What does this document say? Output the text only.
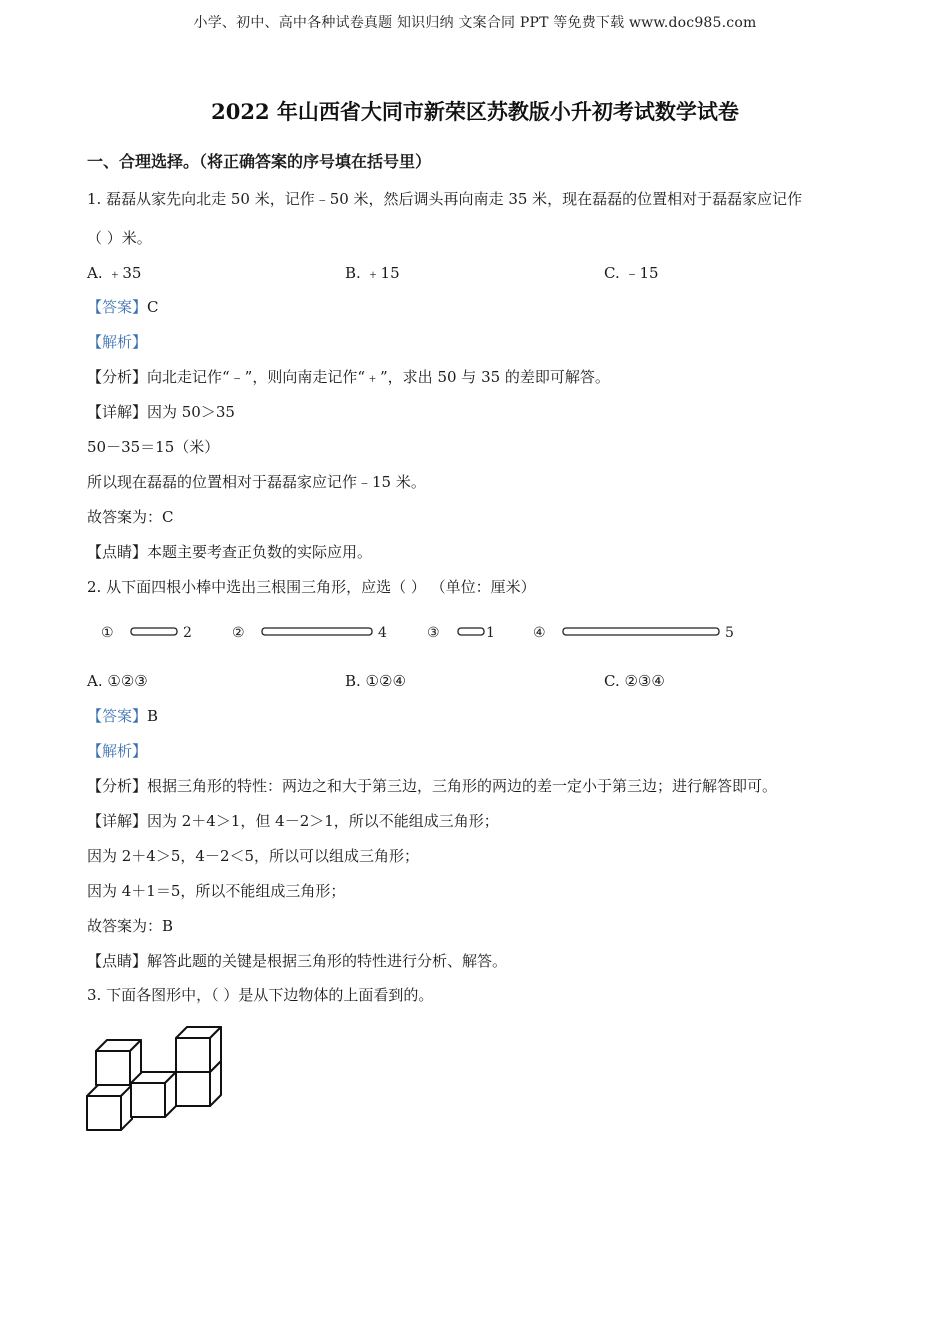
小学、初中、高中各种试卷真题 知识归纳 文案合同 PPT 等免费下载 www.doc985.com
2022 年山西省大同市新荣区苏教版小升初考试数学试卷
一、合理选择。（将正确答案的序号填在括号里）
1. 磊磊从家先向北走 50 米，记作﹣50 米，然后调头再向南走 35 米，现在磊磊的位置相对于磊磊家应记作
（ ）米。
A. ﹢35	B. ﹢15	C. ﹣15
【答案】C
【解析】
【分析】向北走记作“﹣”，则向南走记作“﹢”，求出 50 与 35 的差即可解答。
【详解】因为 50＞35
50－35＝15（米）
所以现在磊磊的位置相对于磊磊家应记作﹣15 米。
故答案为：C
【点睛】本题主要考查正负数的实际应用。
2. 从下面四根小棒中选出三根围三角形，应选（ ） （单位：厘米）
①	2	②	4	③	1	④	5
A. ①②③	B. ①②④	C. ②③④
【答案】B
【解析】
【分析】根据三角形的特性：两边之和大于第三边，三角形的两边的差一定小于第三边；进行解答即可。
【详解】因为 2＋4＞1，但 4－2＞1，所以不能组成三角形；
因为 2＋4＞5，4－2＜5，所以可以组成三角形；
因为 4＋1＝5，所以不能组成三角形；
故答案为：B
【点睛】解答此题的关键是根据三角形的特性进行分析、解答。
3. 下面各图形中，（ ）是从下边物体的上面看到的。
